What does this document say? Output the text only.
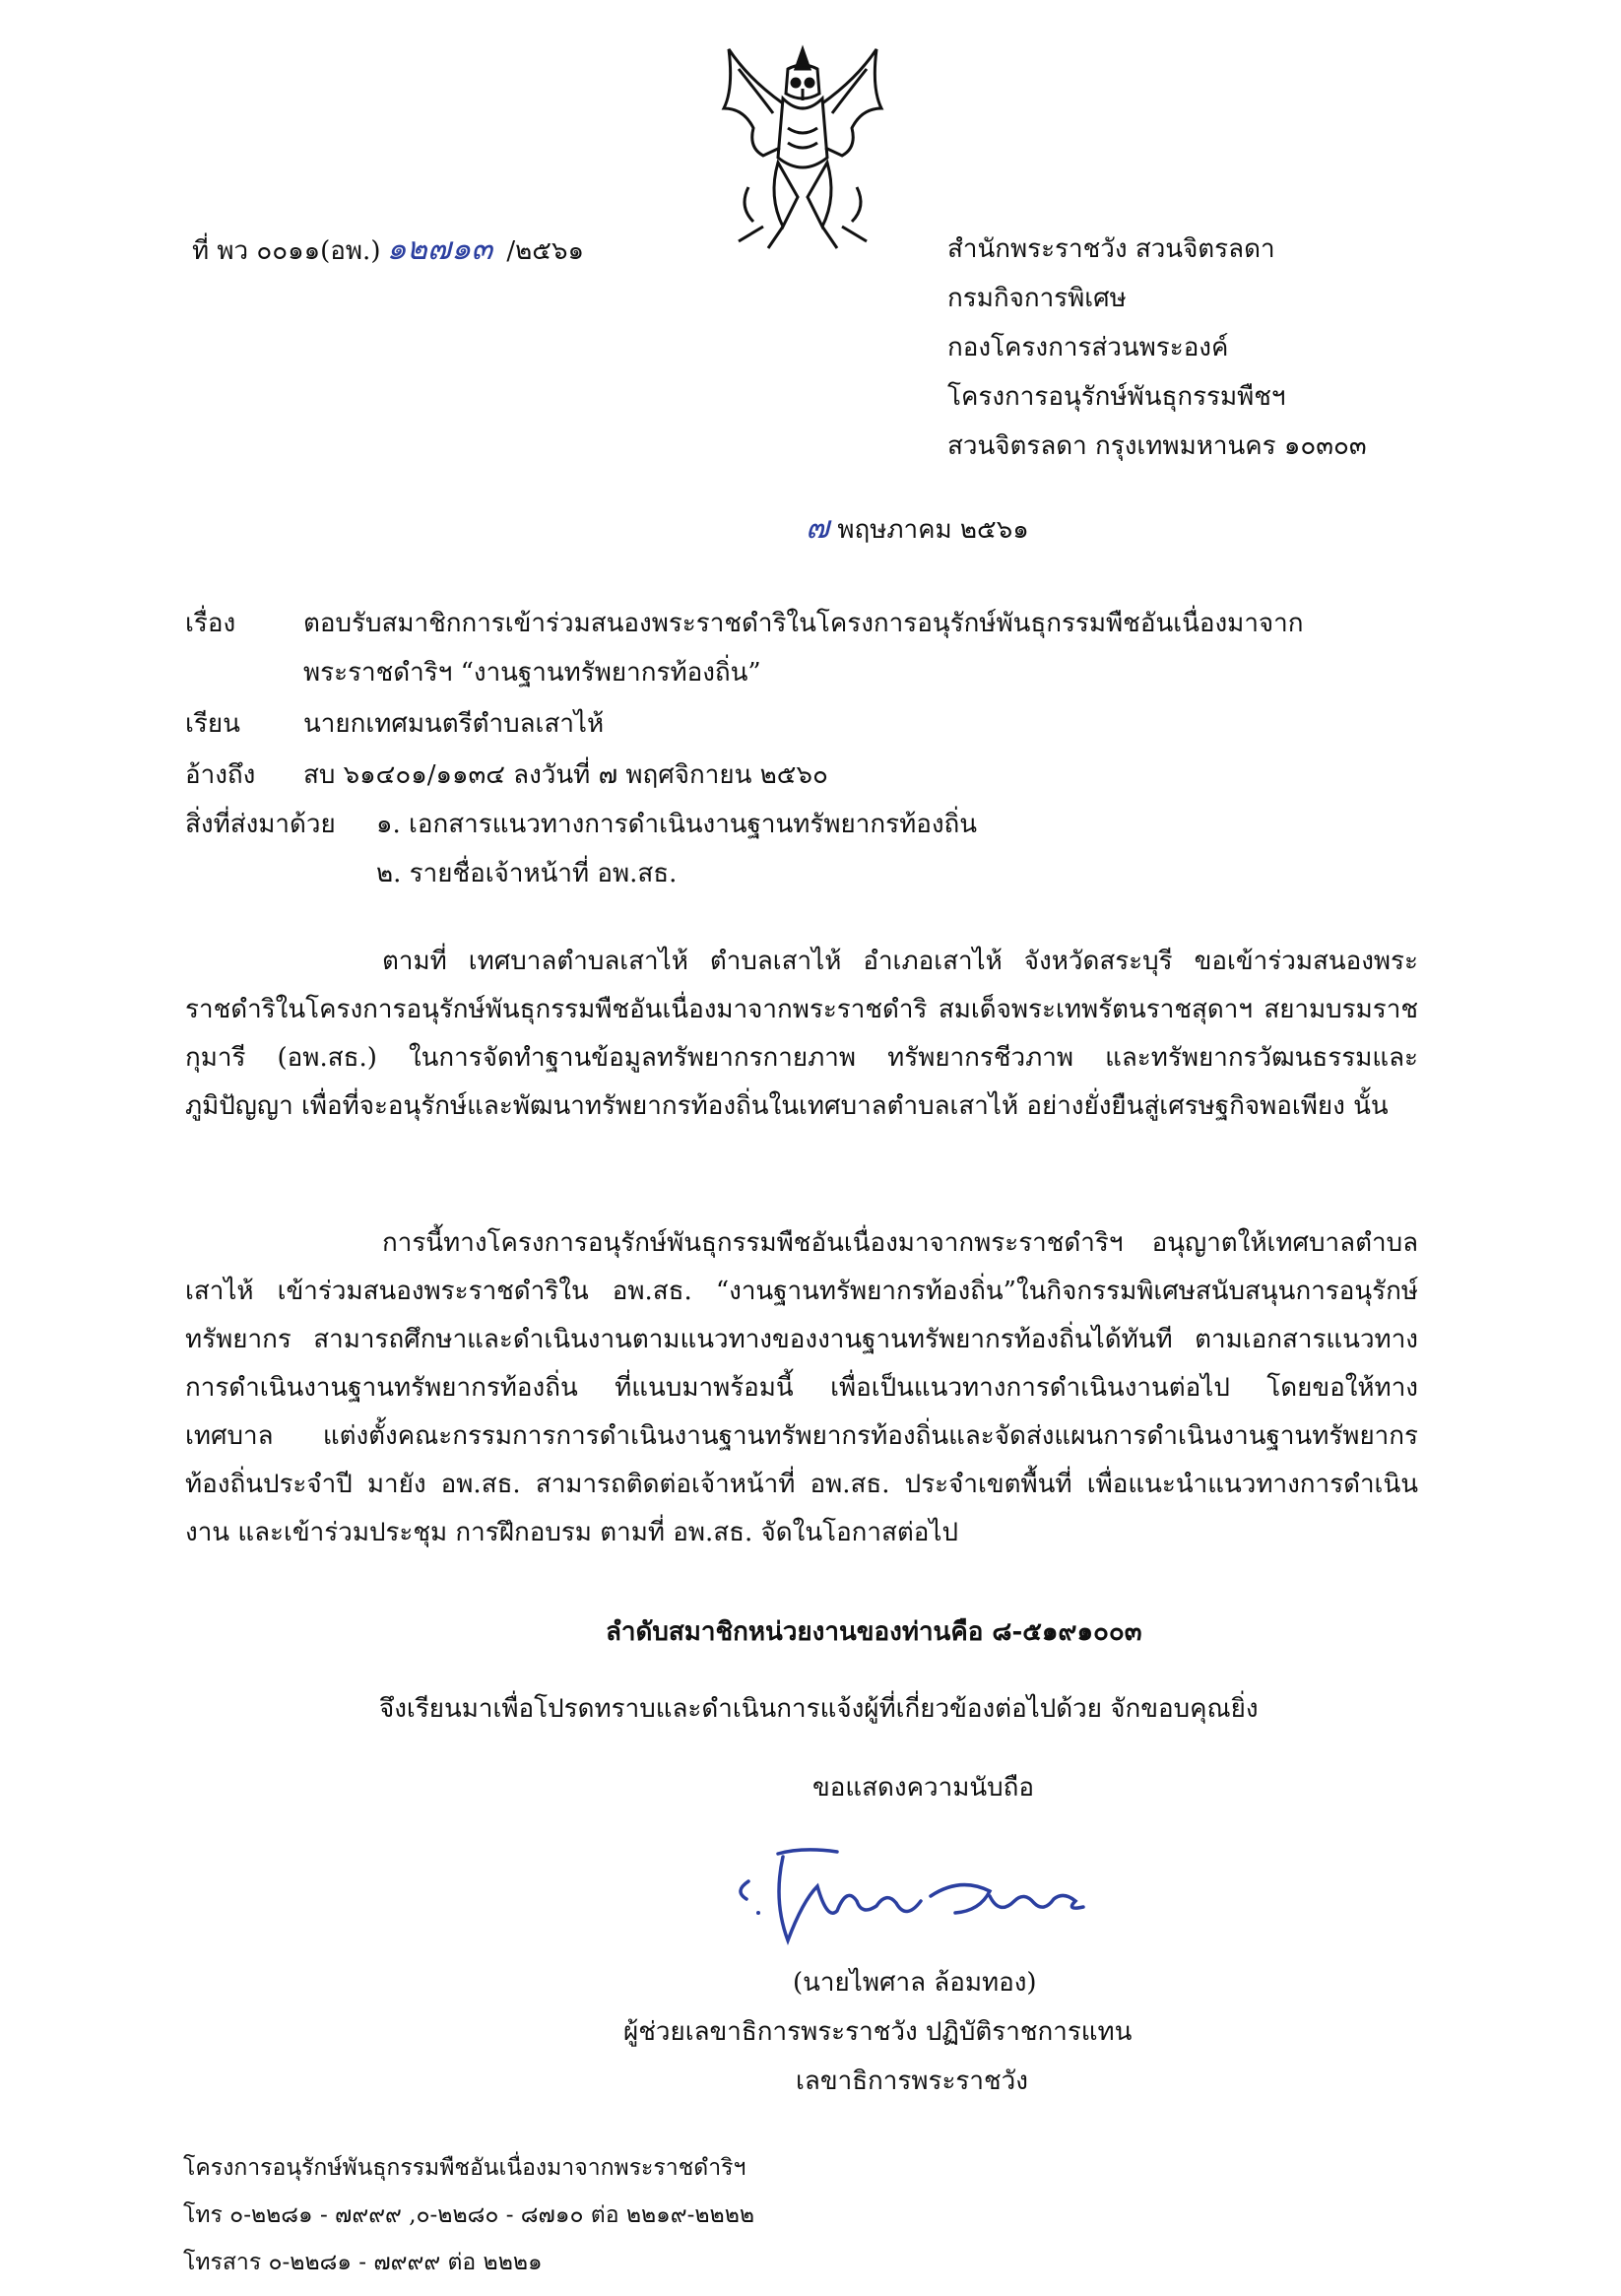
ที่ พว ๐๐๑๑(อพ.) ๑๒๗๑๓ /๒๕๖๑	สำนักพระราชวัง สวนจิตรลดา
กรมกิจการพิเศษ
กองโครงการส่วนพระองค์
โครงการอนุรักษ์พันธุกรรมพืชฯ
สวนจิตรลดา กรุงเทพมหานคร ๑๐๓๐๓
๗ พฤษภาคม ๒๕๖๑
เรื่อง	ตอบรับสมาชิกการเข้าร่วมสนองพระราชดำริในโครงการอนุรักษ์พันธุกรรมพืชอันเนื่องมาจาก
พระราชดำริฯ “งานฐานทรัพยากรท้องถิ่น”
เรียน นายกเทศมนตรีตำบลเสาไห้
อ้างถึง สบ ๖๑๔๐๑/๑๑๓๔ ลงวันที่ ๗ พฤศจิกายน ๒๕๖๐
สิ่งที่ส่งมาด้วย ๑. เอกสารแนวทางการดำเนินงานฐานทรัพยากรท้องถิ่น
๒. รายชื่อเจ้าหน้าที่ อพ.สธ.
ตามที่ เทศบาลตำบลเสาไห้ ตำบลเสาไห้ อำเภอเสาไห้ จังหวัดสระบุรี ขอเข้าร่วมสนองพระราชดำริในโครงการอนุรักษ์พันธุกรรมพืชอันเนื่องมาจากพระราชดำริ สมเด็จพระเทพรัตนราชสุดาฯ สยามบรมราชกุมารี (อพ.สธ.) ในการจัดทำฐานข้อมูลทรัพยากรกายภาพ ทรัพยากรชีวภาพ และทรัพยากรวัฒนธรรมและภูมิปัญญา เพื่อที่จะอนุรักษ์และพัฒนาทรัพยากรท้องถิ่นในเทศบาลตำบลเสาไห้ อย่างยั่งยืนสู่เศรษฐกิจพอเพียง นั้น
การนี้ทางโครงการอนุรักษ์พันธุกรรมพืชอันเนื่องมาจากพระราชดำริฯ อนุญาตให้เทศบาลตำบลเสาไห้ เข้าร่วมสนองพระราชดำริใน อพ.สธ. “งานฐานทรัพยากรท้องถิ่น”ในกิจกรรมพิเศษสนับสนุนการอนุรักษ์ทรัพยากร สามารถศึกษาและดำเนินงานตามแนวทางของงานฐานทรัพยากรท้องถิ่นได้ทันที ตามเอกสารแนวทางการดำเนินงานฐานทรัพยากรท้องถิ่น ที่แนบมาพร้อมนี้ เพื่อเป็นแนวทางการดำเนินงานต่อไป โดยขอให้ทางเทศบาล แต่งตั้งคณะกรรมการการดำเนินงานฐานทรัพยากรท้องถิ่นและจัดส่งแผนการดำเนินงานฐานทรัพยากรท้องถิ่นประจำปี มายัง อพ.สธ. สามารถติดต่อเจ้าหน้าที่ อพ.สธ. ประจำเขตพื้นที่ เพื่อแนะนำแนวทางการดำเนินงาน และเข้าร่วมประชุม การฝึกอบรม ตามที่ อพ.สธ. จัดในโอกาสต่อไป
ลำดับสมาชิกหน่วยงานของท่านคือ ๘-๕๑๙๑๐๐๓
จึงเรียนมาเพื่อโปรดทราบและดำเนินการแจ้งผู้ที่เกี่ยวข้องต่อไปด้วย จักขอบคุณยิ่ง
ขอแสดงความนับถือ
(นายไพศาล ล้อมทอง)
ผู้ช่วยเลขาธิการพระราชวัง ปฏิบัติราชการแทน
เลขาธิการพระราชวัง
โครงการอนุรักษ์พันธุกรรมพืชอันเนื่องมาจากพระราชดำริฯ
โทร ๐-๒๒๘๑ - ๗๙๙๙ ,๐-๒๒๘๐ - ๘๗๑๐ ต่อ ๒๒๑๙-๒๒๒๒
โทรสาร ๐-๒๒๘๑ - ๗๙๙๙ ต่อ ๒๒๒๑
